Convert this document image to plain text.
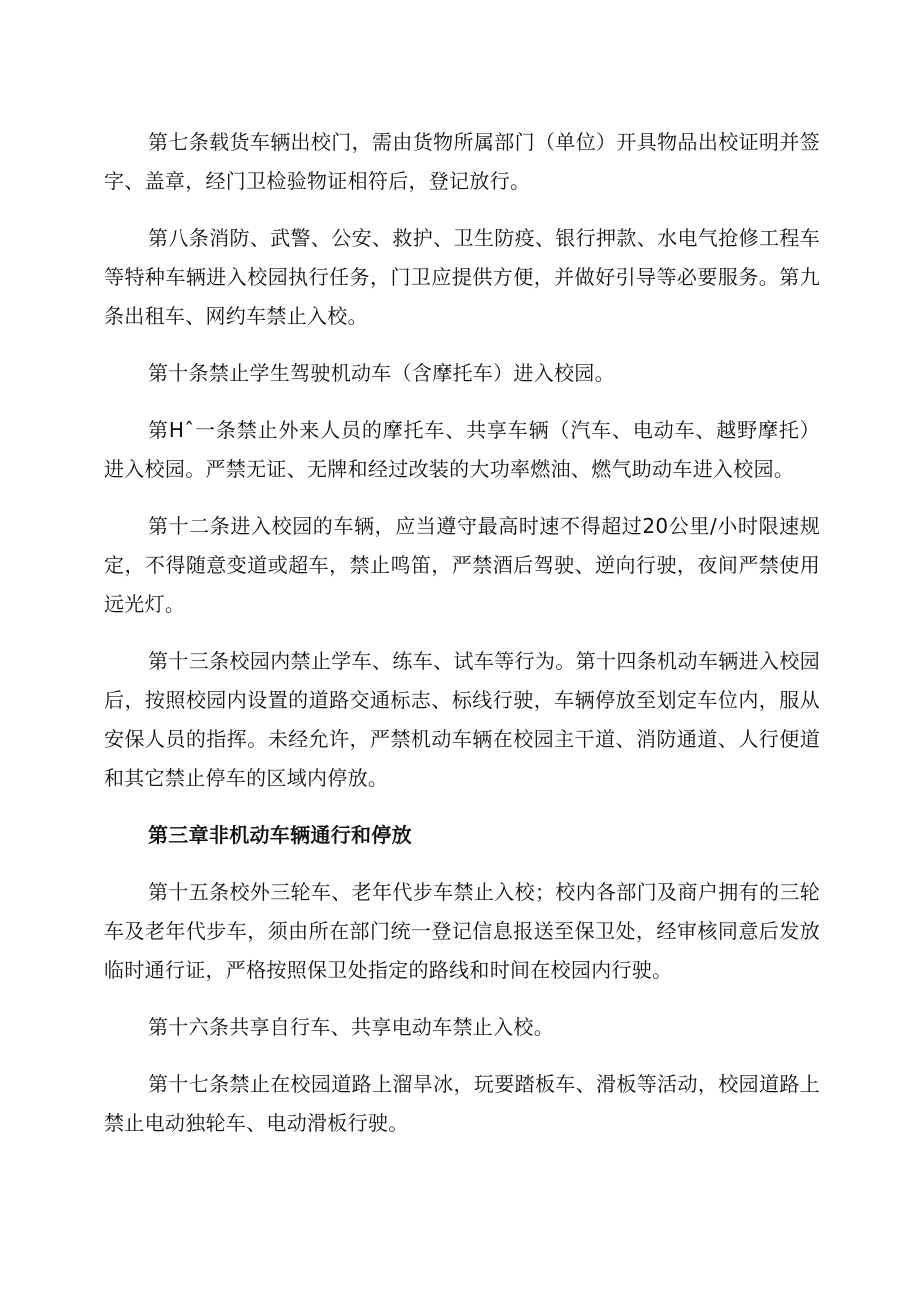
第七条载货车辆出校门，需由货物所属部门（单位）开具物品出校证明并签字、盖章，经门卫检验物证相符后，登记放行。

第八条消防、武警、公安、救护、卫生防疫、银行押款、水电气抢修工程车等特种车辆进入校园执行任务，门卫应提供方便，并做好引导等必要服务。第九条出租车、网约车禁止入校。

第十条禁止学生驾驶机动车（含摩托车）进入校园。

第Hˆ一条禁止外来人员的摩托车、共享车辆（汽车、电动车、越野摩托）进入校园。严禁无证、无牌和经过改装的大功率燃油、燃气助动车进入校园。

第十二条进入校园的车辆，应当遵守最高时速不得超过20公里/小时限速规定，不得随意变道或超车，禁止鸣笛，严禁酒后驾驶、逆向行驶，夜间严禁使用远光灯。

第十三条校园内禁止学车、练车、试车等行为。第十四条机动车辆进入校园后，按照校园内设置的道路交通标志、标线行驶，车辆停放至划定车位内，服从安保人员的指挥。未经允许，严禁机动车辆在校园主干道、消防通道、人行便道和其它禁止停车的区域内停放。

第三章非机动车辆通行和停放

第十五条校外三轮车、老年代步车禁止入校；校内各部门及商户拥有的三轮车及老年代步车，须由所在部门统一登记信息报送至保卫处，经审核同意后发放临时通行证，严格按照保卫处指定的路线和时间在校园内行驶。

第十六条共享自行车、共享电动车禁止入校。

第十七条禁止在校园道路上溜旱冰，玩要踏板车、滑板等活动，校园道路上禁止电动独轮车、电动滑板行驶。
